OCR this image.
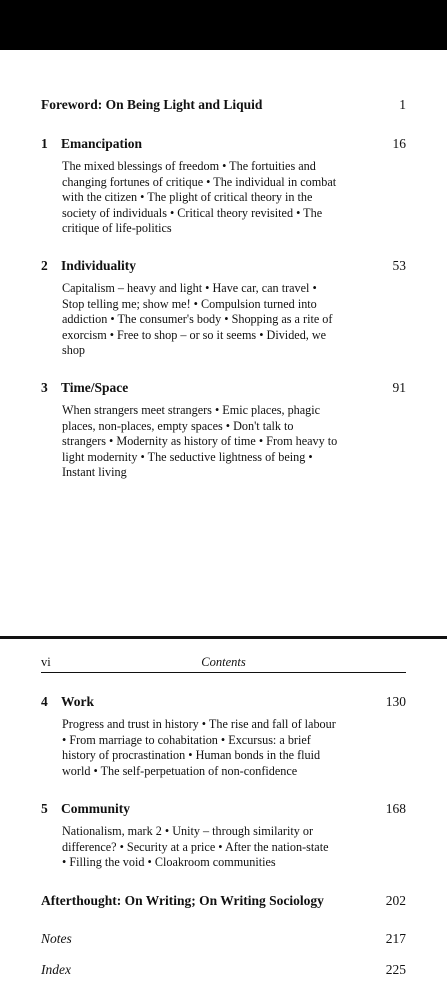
Foreword: On Being Light and Liquid	1
1 Emancipation	16
The mixed blessings of freedom • The fortuities and
changing fortunes of critique • The individual in combat
with the citizen • The plight of critical theory in the
society of individuals • Critical theory revisited • The
critique of life-politics
2 Individuality	53
Capitalism – heavy and light • Have car, can travel •
Stop telling me; show me! • Compulsion turned into
addiction • The consumer's body • Shopping as a rite of
exorcism • Free to shop – or so it seems • Divided, we
shop
3 Time/Space	91
When strangers meet strangers • Emic places, phagic
places, non-places, empty spaces • Don't talk to
strangers • Modernity as history of time • From heavy to
light modernity • The seductive lightness of being •
Instant living
vi	Contents
4 Work	130
Progress and trust in history • The rise and fall of labour
• From marriage to cohabitation • Excursus: a brief
history of procrastination • Human bonds in the fluid
world • The self-perpetuation of non-confidence
5 Community	168
Nationalism, mark 2 • Unity – through similarity or
difference? • Security at a price • After the nation-state
• Filling the void • Cloakroom communities
Afterthought: On Writing; On Writing Sociology	202
Notes	217
Index	225
